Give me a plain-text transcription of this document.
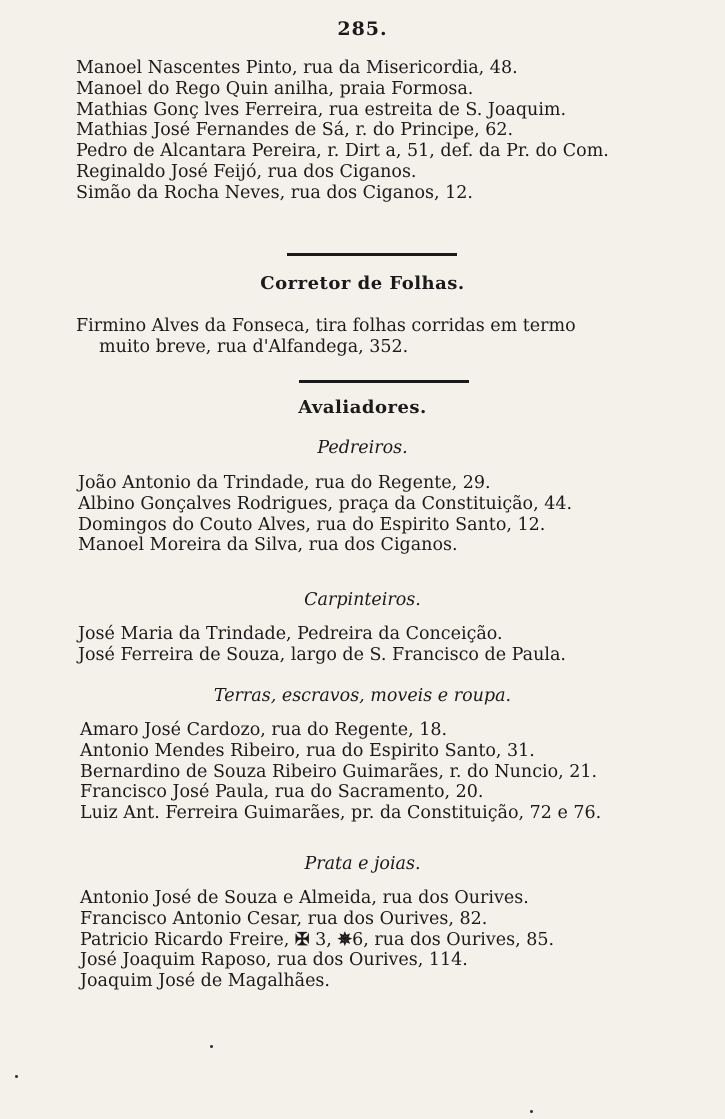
285.
Manoel Nascentes Pinto, rua da Misericordia, 48.
Manoel do Rego Quin anilha, praia Formosa.
Mathias Gonç lves Ferreira, rua estreita de S. Joaquim.
Mathias José Fernandes de Sá, r. do Principe, 62.
Pedro de Alcantara Pereira, r. Dirt a, 51, def. da Pr. do Com.
Reginaldo José Feijó, rua dos Ciganos.
Simão da Rocha Neves, rua dos Ciganos, 12.
Corretor de Folhas.
Firmino Alves da Fonseca, tira folhas corridas em termo
muito breve, rua d'Alfandega, 352.
Avaliadores.
Pedreiros.
João Antonio da Trindade, rua do Regente, 29.
Albino Gonçalves Rodrigues, praça da Constituição, 44.
Domingos do Couto Alves, rua do Espirito Santo, 12.
Manoel Moreira da Silva, rua dos Ciganos.
Carpinteiros.
José Maria da Trindade, Pedreira da Conceição.
José Ferreira de Souza, largo de S. Francisco de Paula.
Terras, escravos, moveis e roupa.
Amaro José Cardozo, rua do Regente, 18.
Antonio Mendes Ribeiro, rua do Espirito Santo, 31.
Bernardino de Souza Ribeiro Guimarães, r. do Nuncio, 21.
Francisco José Paula, rua do Sacramento, 20.
Luiz Ant. Ferreira Guimarães, pr. da Constituição, 72 e 76.
Prata e joias.
Antonio José de Souza e Almeida, rua dos Ourives.
Francisco Antonio Cesar, rua dos Ourives, 82.
Patricio Ricardo Freire, ✠ 3, ✵6, rua dos Ourives, 85.
José Joaquim Raposo, rua dos Ourives, 114.
Joaquim José de Magalhães.
